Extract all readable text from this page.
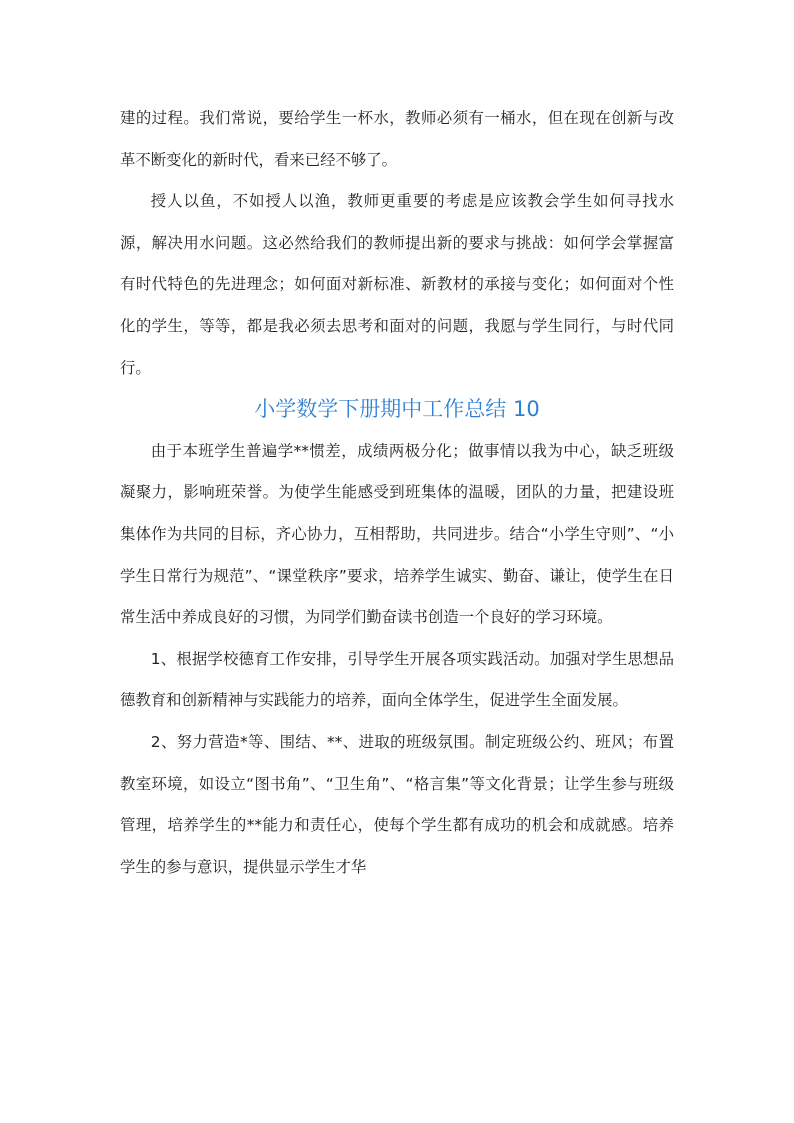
建的过程。我们常说，要给学生一杯水，教师必须有一桶水，但在现在创新与改革不断变化的新时代，看来已经不够了。

授人以鱼，不如授人以渔，教师更重要的考虑是应该教会学生如何寻找水源，解决用水问题。这必然给我们的教师提出新的要求与挑战：如何学会掌握富有时代特色的先进理念；如何面对新标准、新教材的承接与变化；如何面对个性化的学生，等等，都是我必须去思考和面对的问题，我愿与学生同行，与时代同行。

小学数学下册期中工作总结 10

由于本班学生普遍学**惯差，成绩两极分化；做事情以我为中心，缺乏班级凝聚力，影响班荣誉。为使学生能感受到班集体的温暖，团队的力量，把建设班集体作为共同的目标，齐心协力，互相帮助，共同进步。结合“小学生守则”、“小学生日常行为规范”、“课堂秩序”要求，培养学生诚实、勤奋、谦让，使学生在日常生活中养成良好的习惯，为同学们勤奋读书创造一个良好的学习环境。

1、根据学校德育工作安排，引导学生开展各项实践活动。加强对学生思想品德教育和创新精神与实践能力的培养，面向全体学生，促进学生全面发展。

2、努力营造*等、围结、**、进取的班级氛围。制定班级公约、班风；布置教室环境，如设立“图书角”、“卫生角”、“格言集”等文化背景；让学生参与班级管理，培养学生的**能力和责任心，使每个学生都有成功的机会和成就感。培养学生的参与意识，提供显示学生才华
